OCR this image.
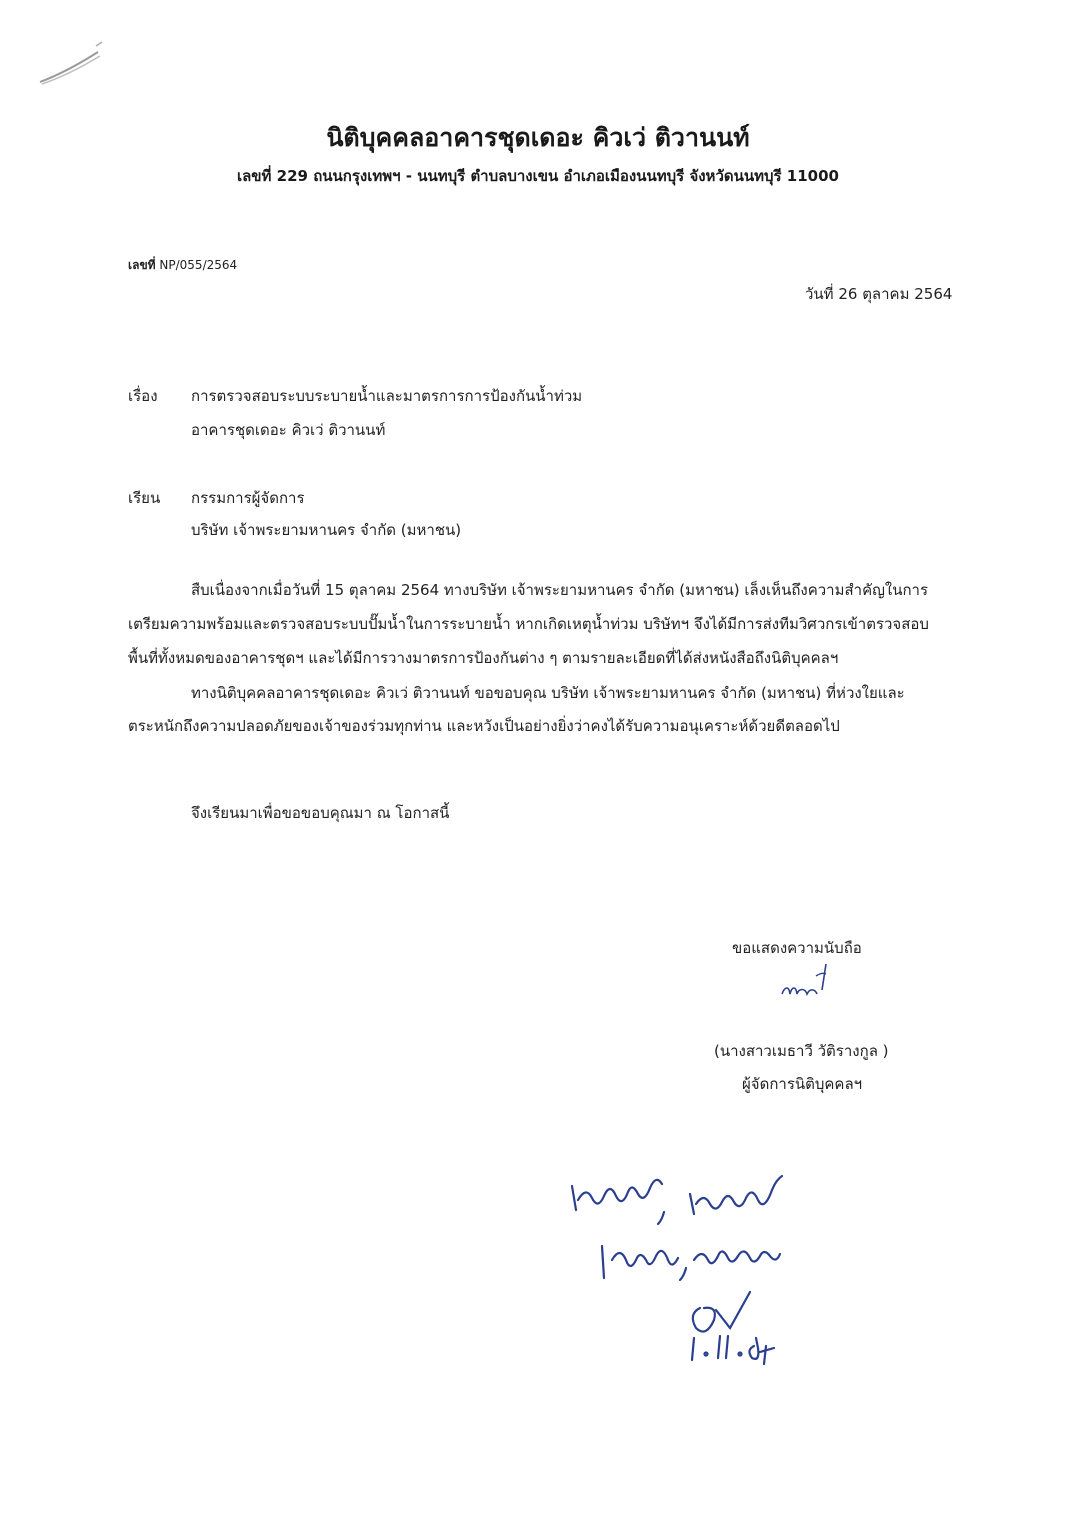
นิติบุคคลอาคารชุดเดอะ คิวเว่ ติวานนท์
เลขที่ 229 ถนนกรุงเทพฯ - นนทบุรี ตำบลบางเขน อำเภอเมืองนนทบุรี จังหวัดนนทบุรี 11000
เลขที่ NP/055/2564
วันที่ 26 ตุลาคม 2564
เรื่อง การตรวจสอบระบบระบายน้ำและมาตรการการป้องกันน้ำท่วม
อาคารชุดเดอะ คิวเว่ ติวานนท์
เรียน กรรมการผู้จัดการ
บริษัท เจ้าพระยามหานคร จำกัด (มหาชน)
สืบเนื่องจากเมื่อวันที่ 15 ตุลาคม 2564 ทางบริษัท เจ้าพระยามหานคร จำกัด (มหาชน) เล็งเห็นถึงความสำคัญในการ
เตรียมความพร้อมและตรวจสอบระบบปั๊มน้ำในการระบายน้ำ หากเกิดเหตุน้ำท่วม บริษัทฯ จึงได้มีการส่งทีมวิศวกรเข้าตรวจสอบ
พื้นที่ทั้งหมดของอาคารชุดฯ และได้มีการวางมาตรการป้องกันต่าง ๆ ตามรายละเอียดที่ได้ส่งหนังสือถึงนิติบุคคลฯ
ทางนิติบุคคลอาคารชุดเดอะ คิวเว่ ติวานนท์ ขอขอบคุณ บริษัท เจ้าพระยามหานคร จำกัด (มหาชน) ที่ห่วงใยและ
ตระหนักถึงความปลอดภัยของเจ้าของร่วมทุกท่าน และหวังเป็นอย่างยิ่งว่าคงได้รับความอนุเคราะห์ด้วยดีตลอดไป
จึงเรียนมาเพื่อขอขอบคุณมา ณ โอกาสนี้
ขอแสดงความนับถือ
(นางสาวเมธาวี วัติรางกูล )
ผู้จัดการนิติบุคคลฯ
